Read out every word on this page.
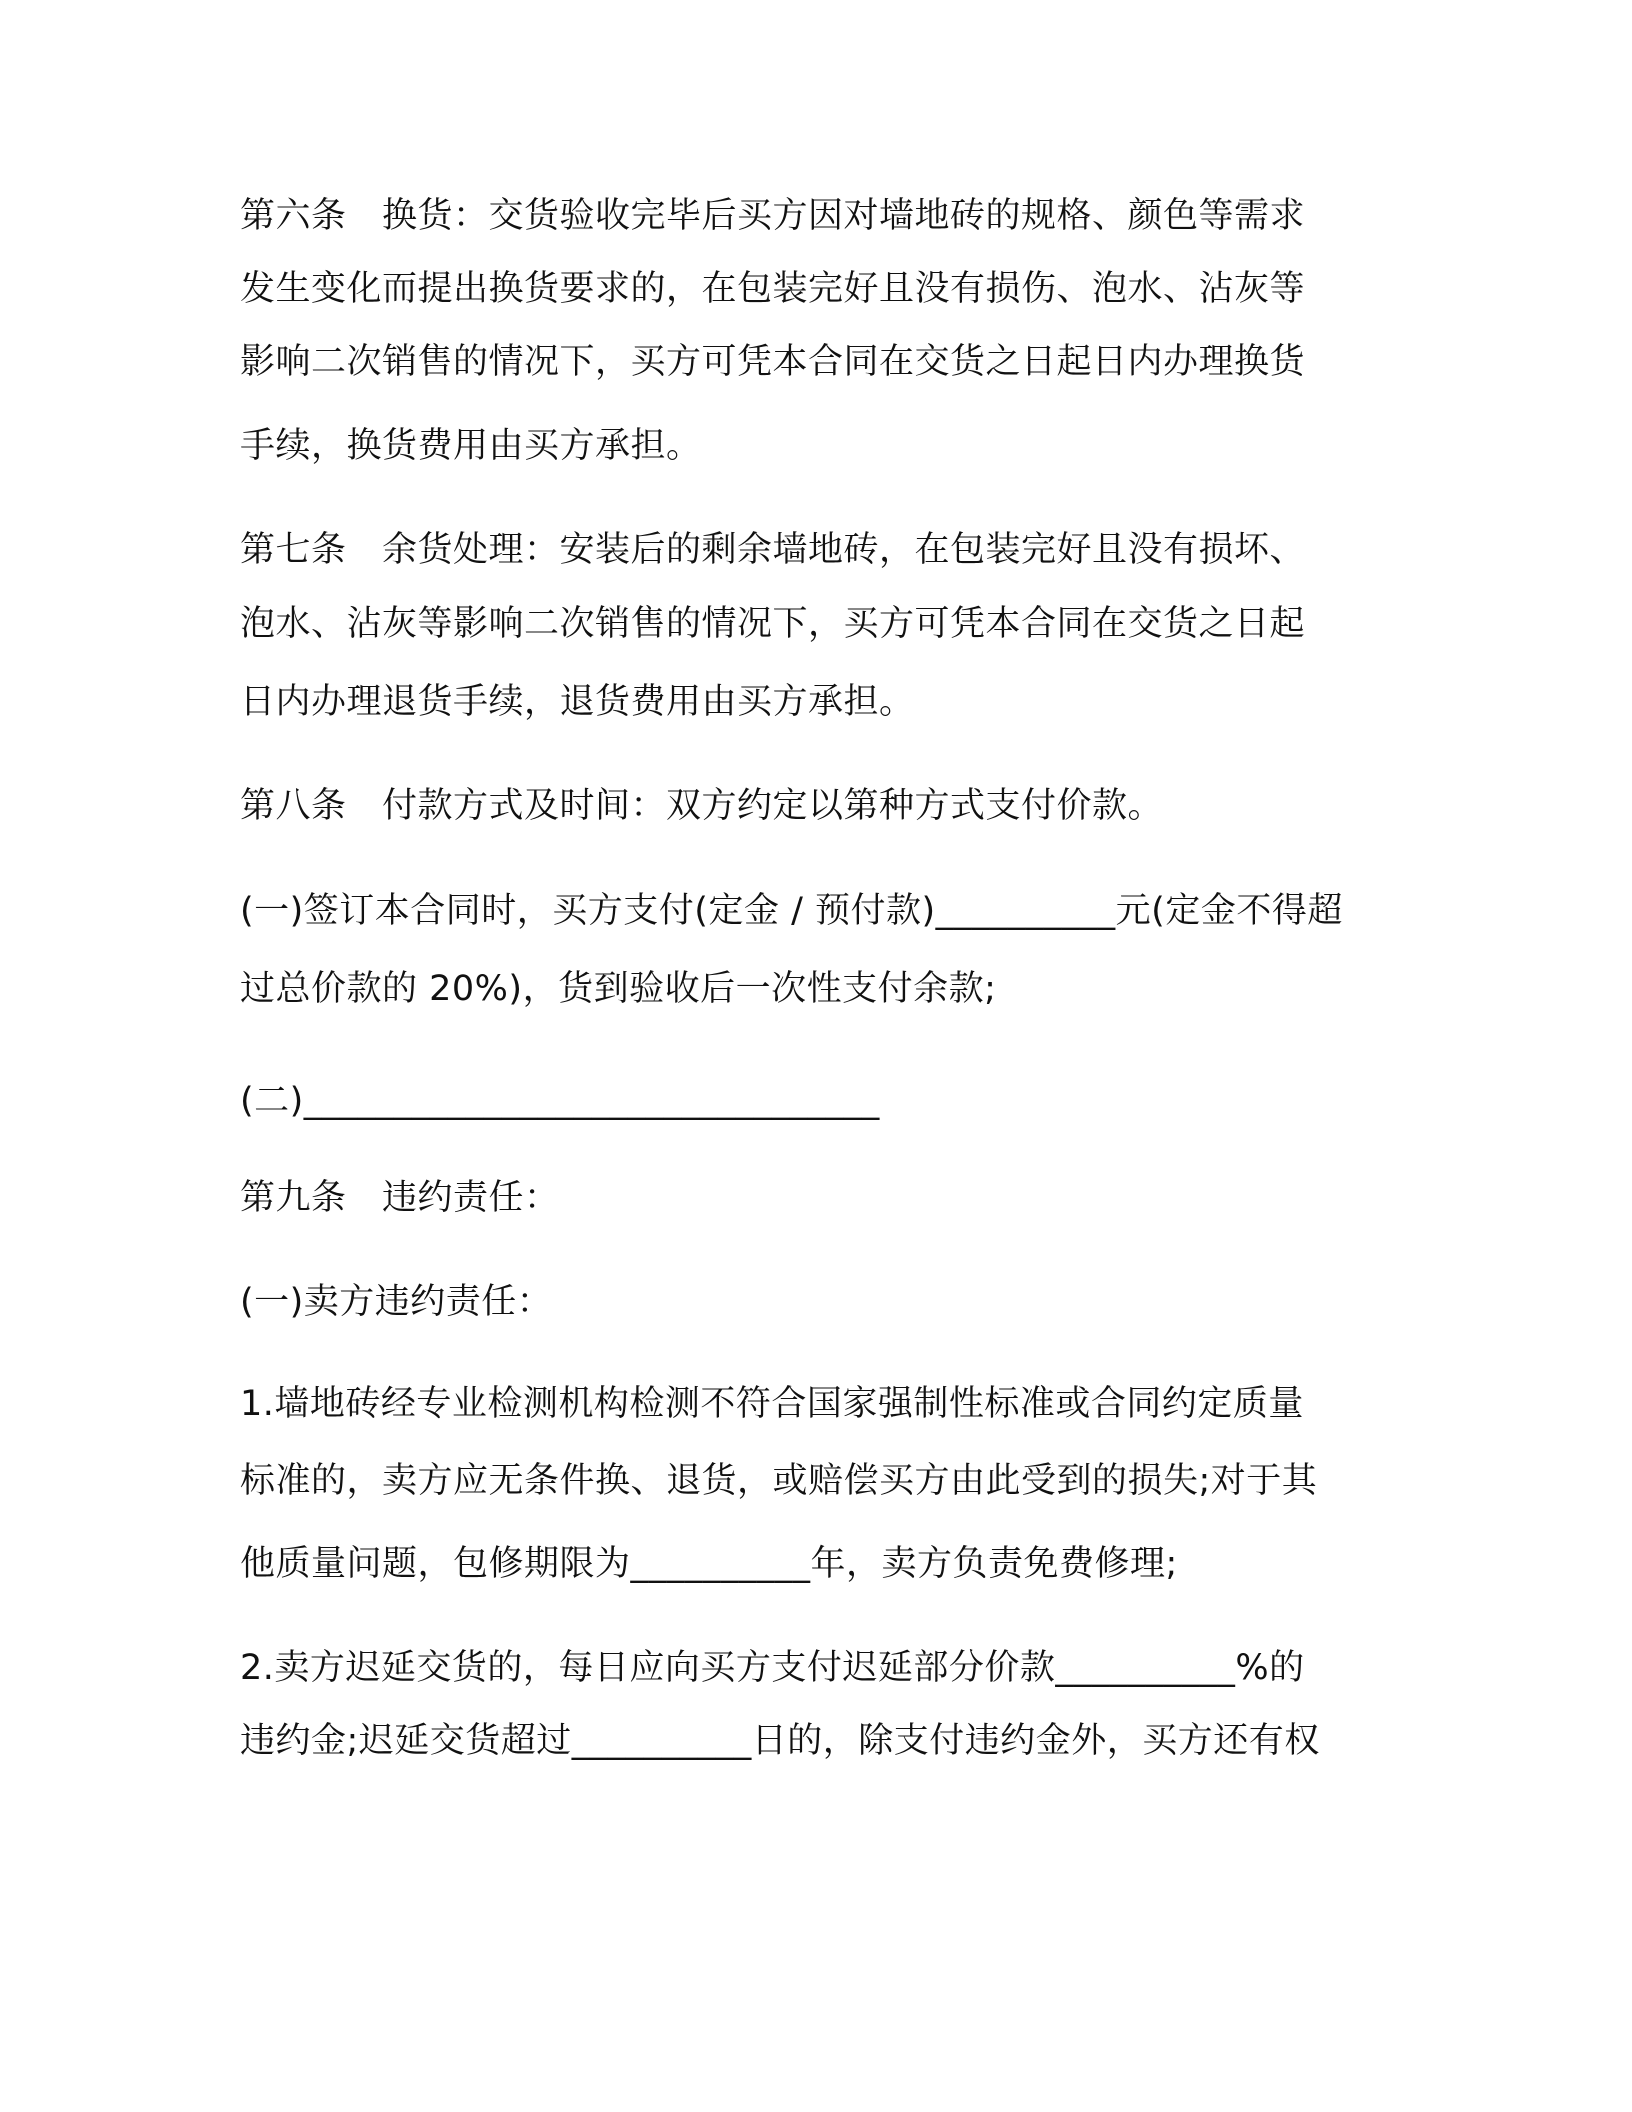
第六条　换货：交货验收完毕后买方因对墙地砖的规格、颜色等需求
发生变化而提出换货要求的，在包装完好且没有损伤、泡水、沾灰等
影响二次销售的情况下，买方可凭本合同在交货之日起日内办理换货
手续，换货费用由买方承担。
第七条　余货处理：安装后的剩余墙地砖，在包装完好且没有损坏、
泡水、沾灰等影响二次销售的情况下，买方可凭本合同在交货之日起
日内办理退货手续，退货费用由买方承担。
第八条　付款方式及时间：双方约定以第种方式支付价款。
(一)签订本合同时，买方支付(定金 / 预付款)__________元(定金不得超
过总价款的 20%)，货到验收后一次性支付余款;
(二)________________________________
第九条　违约责任：
(一)卖方违约责任：
1.墙地砖经专业检测机构检测不符合国家强制性标准或合同约定质量
标准的，卖方应无条件换、退货，或赔偿买方由此受到的损失;对于其
他质量问题，包修期限为__________年，卖方负责免费修理;
2.卖方迟延交货的，每日应向买方支付迟延部分价款__________%的
违约金;迟延交货超过__________日的，除支付违约金外，买方还有权
